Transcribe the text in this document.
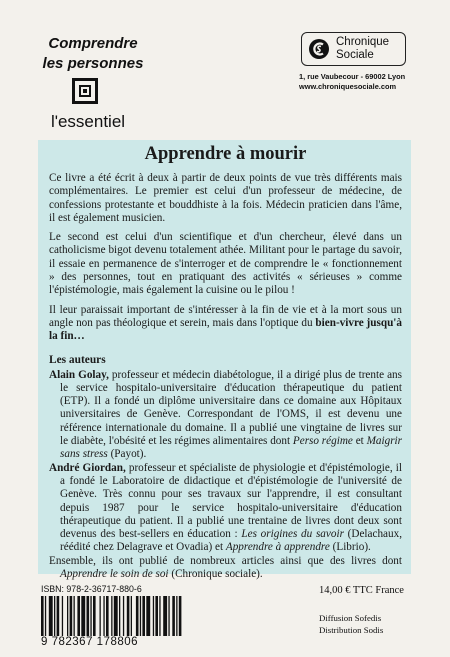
Comprendre
les personnes
l'essentiel
Chronique
Sociale
1, rue Vaubecour - 69002 Lyon
www.chroniquesociale.com
Apprendre à mourir

Ce livre a été écrit à deux à partir de deux points de vue très différents mais complémentaires. Le premier est celui d'un professeur de médecine, de confessions protestante et bouddhiste à la fois. Médecin praticien dans l'âme, il est également musicien.

Le second est celui d'un scientifique et d'un chercheur, élevé dans un catholicisme bigot devenu totalement athée. Militant pour le partage du savoir, il essaie en permanence de s'interroger et de comprendre le « fonctionnement » des personnes, tout en pratiquant des activités « sérieuses » comme l'épistémologie, mais également la cuisine ou le pilou !

Il leur paraissait important de s'intéresser à la fin de vie et à la mort sous un angle non pas théologique et serein, mais dans l'optique du bien-vivre jusqu'à la fin…

Les auteurs

Alain Golay, professeur et médecin diabétologue, il a dirigé plus de trente ans le service hospitalo-universitaire d'éducation thérapeutique du patient (ETP). Il a fondé un diplôme universitaire dans ce domaine aux Hôpitaux universitaires de Genève. Correspondant de l'OMS, il est devenu une référence internationale du domaine. Il a publié une vingtaine de livres sur le diabète, l'obésité et les régimes alimentaires dont Perso régime et Maigrir sans stress (Payot).

André Giordan, professeur et spécialiste de physiologie et d'épistémologie, il a fondé le Laboratoire de didactique et d'épistémologie de l'université de Genève. Très connu pour ses travaux sur l'apprendre, il est consultant depuis 1987 pour le service hospitalo-universitaire d'éducation thérapeutique du patient. Il a publié une trentaine de livres dont deux sont devenus des best-sellers en éducation : Les origines du savoir (Delachaux, réédité chez Delagrave et Ovadia) et Apprendre à apprendre (Librio).

Ensemble, ils ont publié de nombreux articles ainsi que des livres dont Apprendre le soin de soi (Chronique sociale).

ISBN: 978-2-36717-880-6
9 782367 178806
14,00 € TTC France
Diffusion Sofedis
Distribution Sodis
